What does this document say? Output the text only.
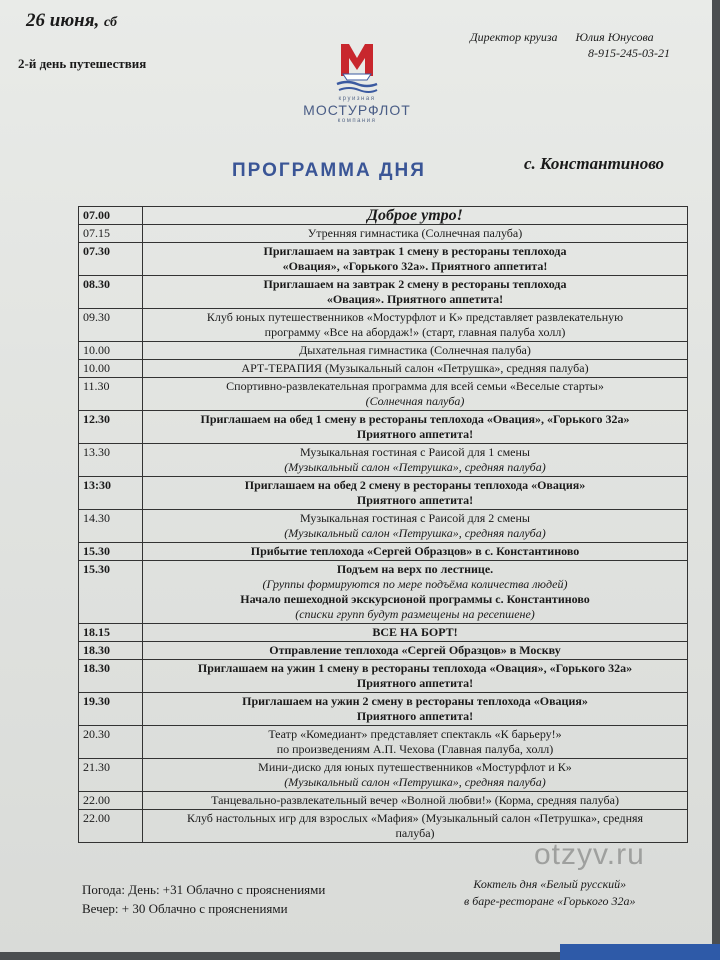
26 июня, сб
2-й день путешествия
Директор круиза Юлия Юнусова
8-915-245-03-21
круизная
МОСТУРФЛОТ
компания
ПРОГРАММА ДНЯ	с. Константиново
07.00	Доброе утро!

07.15	Утренняя гимнастика (Солнечная палуба)

07.30	Приглашаем на завтрак 1 смену в рестораны теплохода
«Овация», «Горького 32а». Приятного аппетита!

08.30	Приглашаем на завтрак 2 смену в рестораны теплохода
«Овация». Приятного аппетита!

09.30	Клуб юных путешественников «Мостурфлот и К» представляет развлекательную
программу «Все на абордаж!» (старт, главная палуба холл)

10.00	Дыхательная гимнастика (Солнечная палуба)

10.00	АРТ-ТЕРАПИЯ (Музыкальный салон «Петрушка», средняя палуба)

11.30	Спортивно-развлекательная программа для всей семьи «Веселые старты»
(Солнечная палуба)

12.30	Приглашаем на обед 1 смену в рестораны теплохода «Овация», «Горького 32а»
Приятного аппетита!

13.30	Музыкальная гостиная с Раисой для 1 смены
(Музыкальный салон «Петрушка», средняя палуба)

13:30	Приглашаем на обед 2 смену в рестораны теплохода «Овация»
Приятного аппетита!

14.30	Музыкальная гостиная с Раисой для 2 смены
(Музыкальный салон «Петрушка», средняя палуба)

15.30	Прибытие теплохода «Сергей Образцов» в с. Константиново

15.30	Подъем на верх по лестнице.
(Группы формируются по мере подъёма количества людей)
Начало пешеходной экскурсионой программы с. Константиново
(списки групп будут размещены на ресепшене)

18.15	ВСЕ НА БОРТ!

18.30	Отправление теплохода «Сергей Образцов» в Москву

18.30	Приглашаем на ужин 1 смену в рестораны теплохода «Овация», «Горького 32а»
Приятного аппетита!

19.30	Приглашаем на ужин 2 смену в рестораны теплохода «Овация»
Приятного аппетита!

20.30	Театр «Комедиант» представляет спектакль «К барьеру!»
по произведениям А.П. Чехова (Главная палуба, холл)

21.30	Мини-диско для юных путешественников «Мостурфлот и К»
(Музыкальный салон «Петрушка», средняя палуба)

22.00	Танцевально-развлекательный вечер «Волной любви!» (Корма, средняя палуба)

22.00	Клуб настольных игр для взрослых «Мафия» (Музыкальный салон «Петрушка», средняя
палуба)
Погода: День: +31 Облачно с прояснениями
Вечер: + 30 Облачно с прояснениями
Коктель дня «Белый русский»
в баре-ресторане «Горького 32а»
otzyv.ru
